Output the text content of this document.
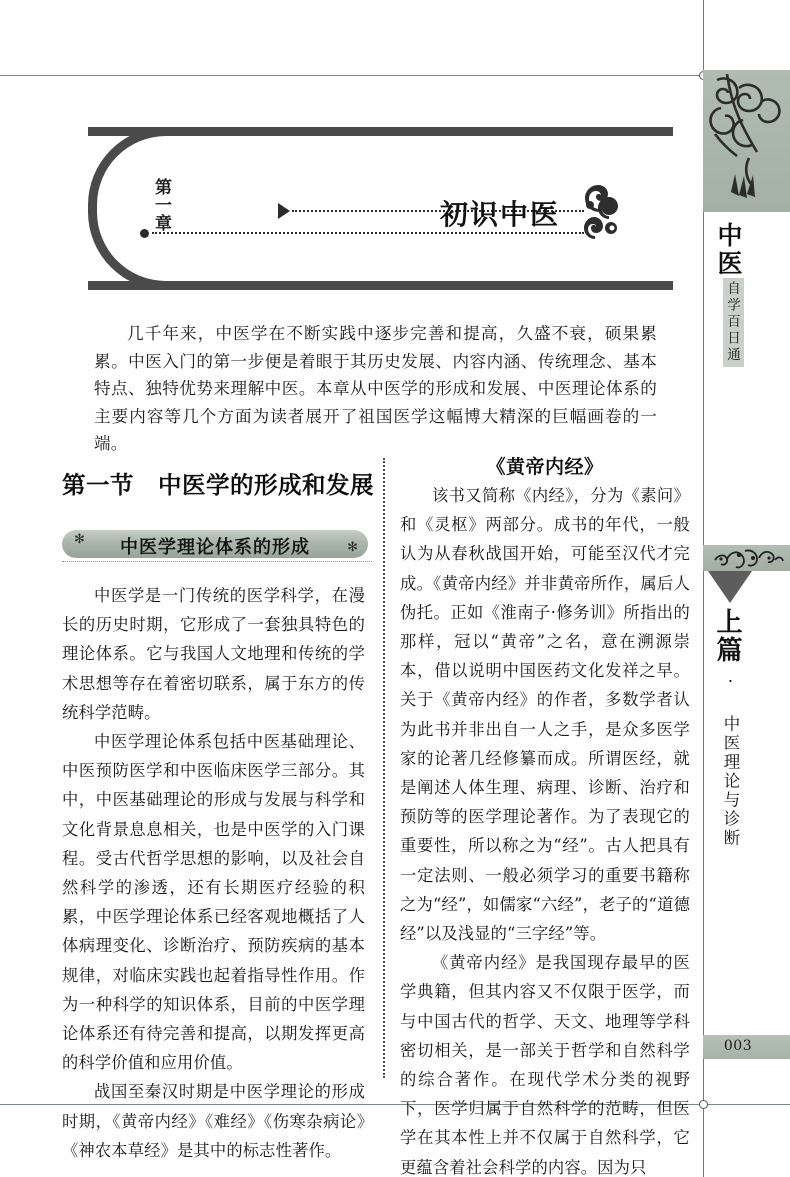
第一章	初识中医
几千年来，中医学在不断实践中逐步完善和提高，久盛不衰，硕果累累。中医入门的第一步便是着眼于其历史发展、内容内涵、传统理念、基本特点、独特优势来理解中医。本章从中医学的形成和发展、中医理论体系的主要内容等几个方面为读者展开了祖国医学这幅博大精深的巨幅画卷的一端。
第一节　中医学的形成和发展
✻	中医学理论体系的形成	✻

中医学是一门传统的医学科学，在漫长的历史时期，它形成了一套独具特色的理论体系。它与我国人文地理和传统的学术思想等存在着密切联系，属于东方的传统科学范畴。

中医学理论体系包括中医基础理论、中医预防医学和中医临床医学三部分。其中，中医基础理论的形成与发展与科学和文化背景息息相关，也是中医学的入门课程。受古代哲学思想的影响，以及社会自然科学的渗透，还有长期医疗经验的积累，中医学理论体系已经客观地概括了人体病理变化、诊断治疗、预防疾病的基本规律，对临床实践也起着指导性作用。作为一种科学的知识体系，目前的中医学理论体系还有待完善和提高，以期发挥更高的科学价值和应用价值。

战国至秦汉时期是中医学理论的形成时期，《黄帝内经》《难经》《伤寒杂病论》《神农本草经》是其中的标志性著作。

《黄帝内经》

该书又简称《内经》，分为《素问》和《灵枢》两部分。成书的年代，一般认为从春秋战国开始，可能至汉代才完成。《黄帝内经》并非黄帝所作，属后人伪托。正如《淮南子·修务训》所指出的那样，冠以“黄帝”之名，意在溯源崇本，借以说明中国医药文化发祥之早。关于《黄帝内经》的作者，多数学者认为此书并非出自一人之手，是众多医学家的论著几经修纂而成。所谓医经，就是阐述人体生理、病理、诊断、治疗和预防等的医学理论著作。为了表现它的重要性，所以称之为“经”。古人把具有一定法则、一般必须学习的重要书籍称之为“经”，如儒家“六经”，老子的“道德经”以及浅显的“三字经”等。

《黄帝内经》是我国现存最早的医学典籍，但其内容又不仅限于医学，而与中国古代的哲学、天文、地理等学科密切相关，是一部关于哲学和自然科学的综合著作。在现代学术分类的视野下，医学归属于自然科学的范畴，但医学在其本性上并不仅属于自然科学，它更蕴含着社会科学的内容。因为只

中医
自学百日通
上篇
· 中医理论与诊断
003
